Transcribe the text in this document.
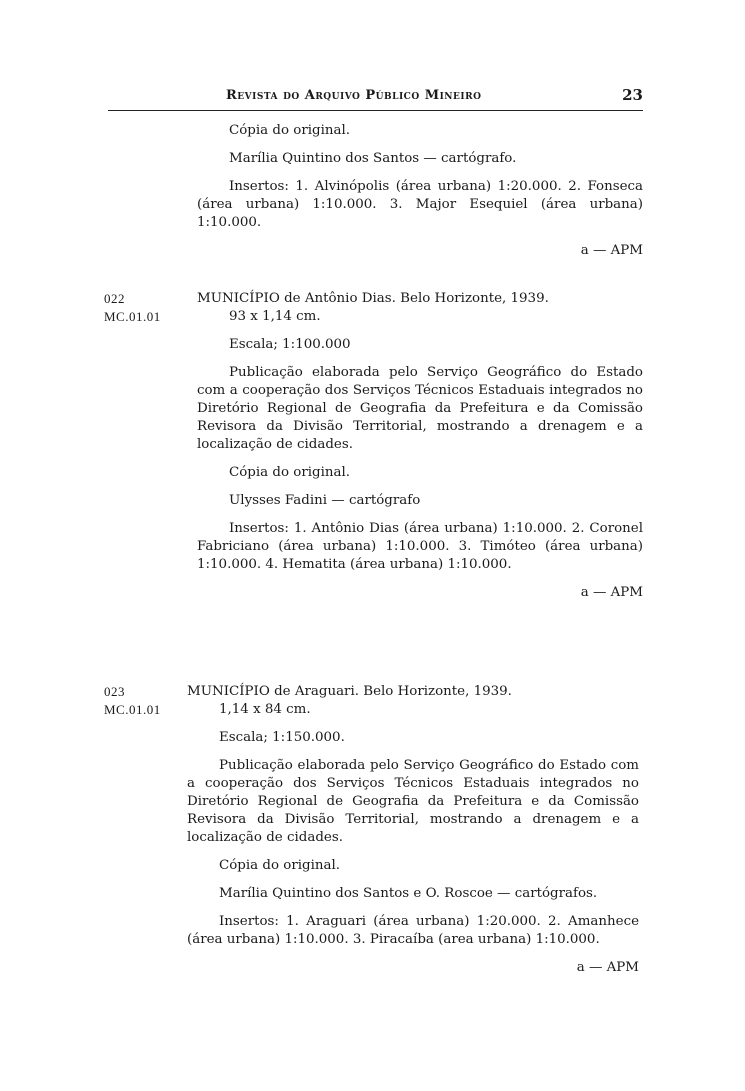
Revista do Arquivo Público Mineiro	23

Cópia do original.

Marília Quintino dos Santos — cartógrafo.

Insertos: 1. Alvinópolis (área urbana) 1:20.000. 2. Fonseca (área urbana) 1:10.000. 3. Major Esequiel (área urbana) 1:10.000.

a — APM

022
MC.01.01

MUNICÍPIO de Antônio Dias. Belo Horizonte, 1939.

93 x 1,14 cm.

Escala; 1:100.000

Publicação elaborada pelo Serviço Geográfico do Estado com a cooperação dos Serviços Técnicos Estaduais integrados no Diretório Regional de Geografia da Prefeitura e da Comissão Revisora da Divisão Territorial, mostrando a drenagem e a localização de cidades.

Cópia do original.

Ulysses Fadini — cartógrafo

Insertos: 1. Antônio Dias (área urbana) 1:10.000. 2. Coronel Fabriciano (área urbana) 1:10.000. 3. Timóteo (área urbana) 1:10.000. 4. Hematita (área urbana) 1:10.000.

a — APM

023
MC.01.01

MUNICÍPIO de Araguari. Belo Horizonte, 1939.

1,14 x 84 cm.

Escala; 1:150.000.

Publicação elaborada pelo Serviço Geográfico do Estado com a cooperação dos Serviços Técnicos Estaduais integrados no Diretório Regional de Geografia da Prefeitura e da Comissão Revisora da Divisão Territorial, mostrando a drenagem e a localização de cidades.

Cópia do original.

Marília Quintino dos Santos e O. Roscoe — cartógrafos.

Insertos: 1. Araguari (área urbana) 1:20.000. 2. Amanhece (área urbana) 1:10.000. 3. Piracaíba (area urbana) 1:10.000.

a — APM
